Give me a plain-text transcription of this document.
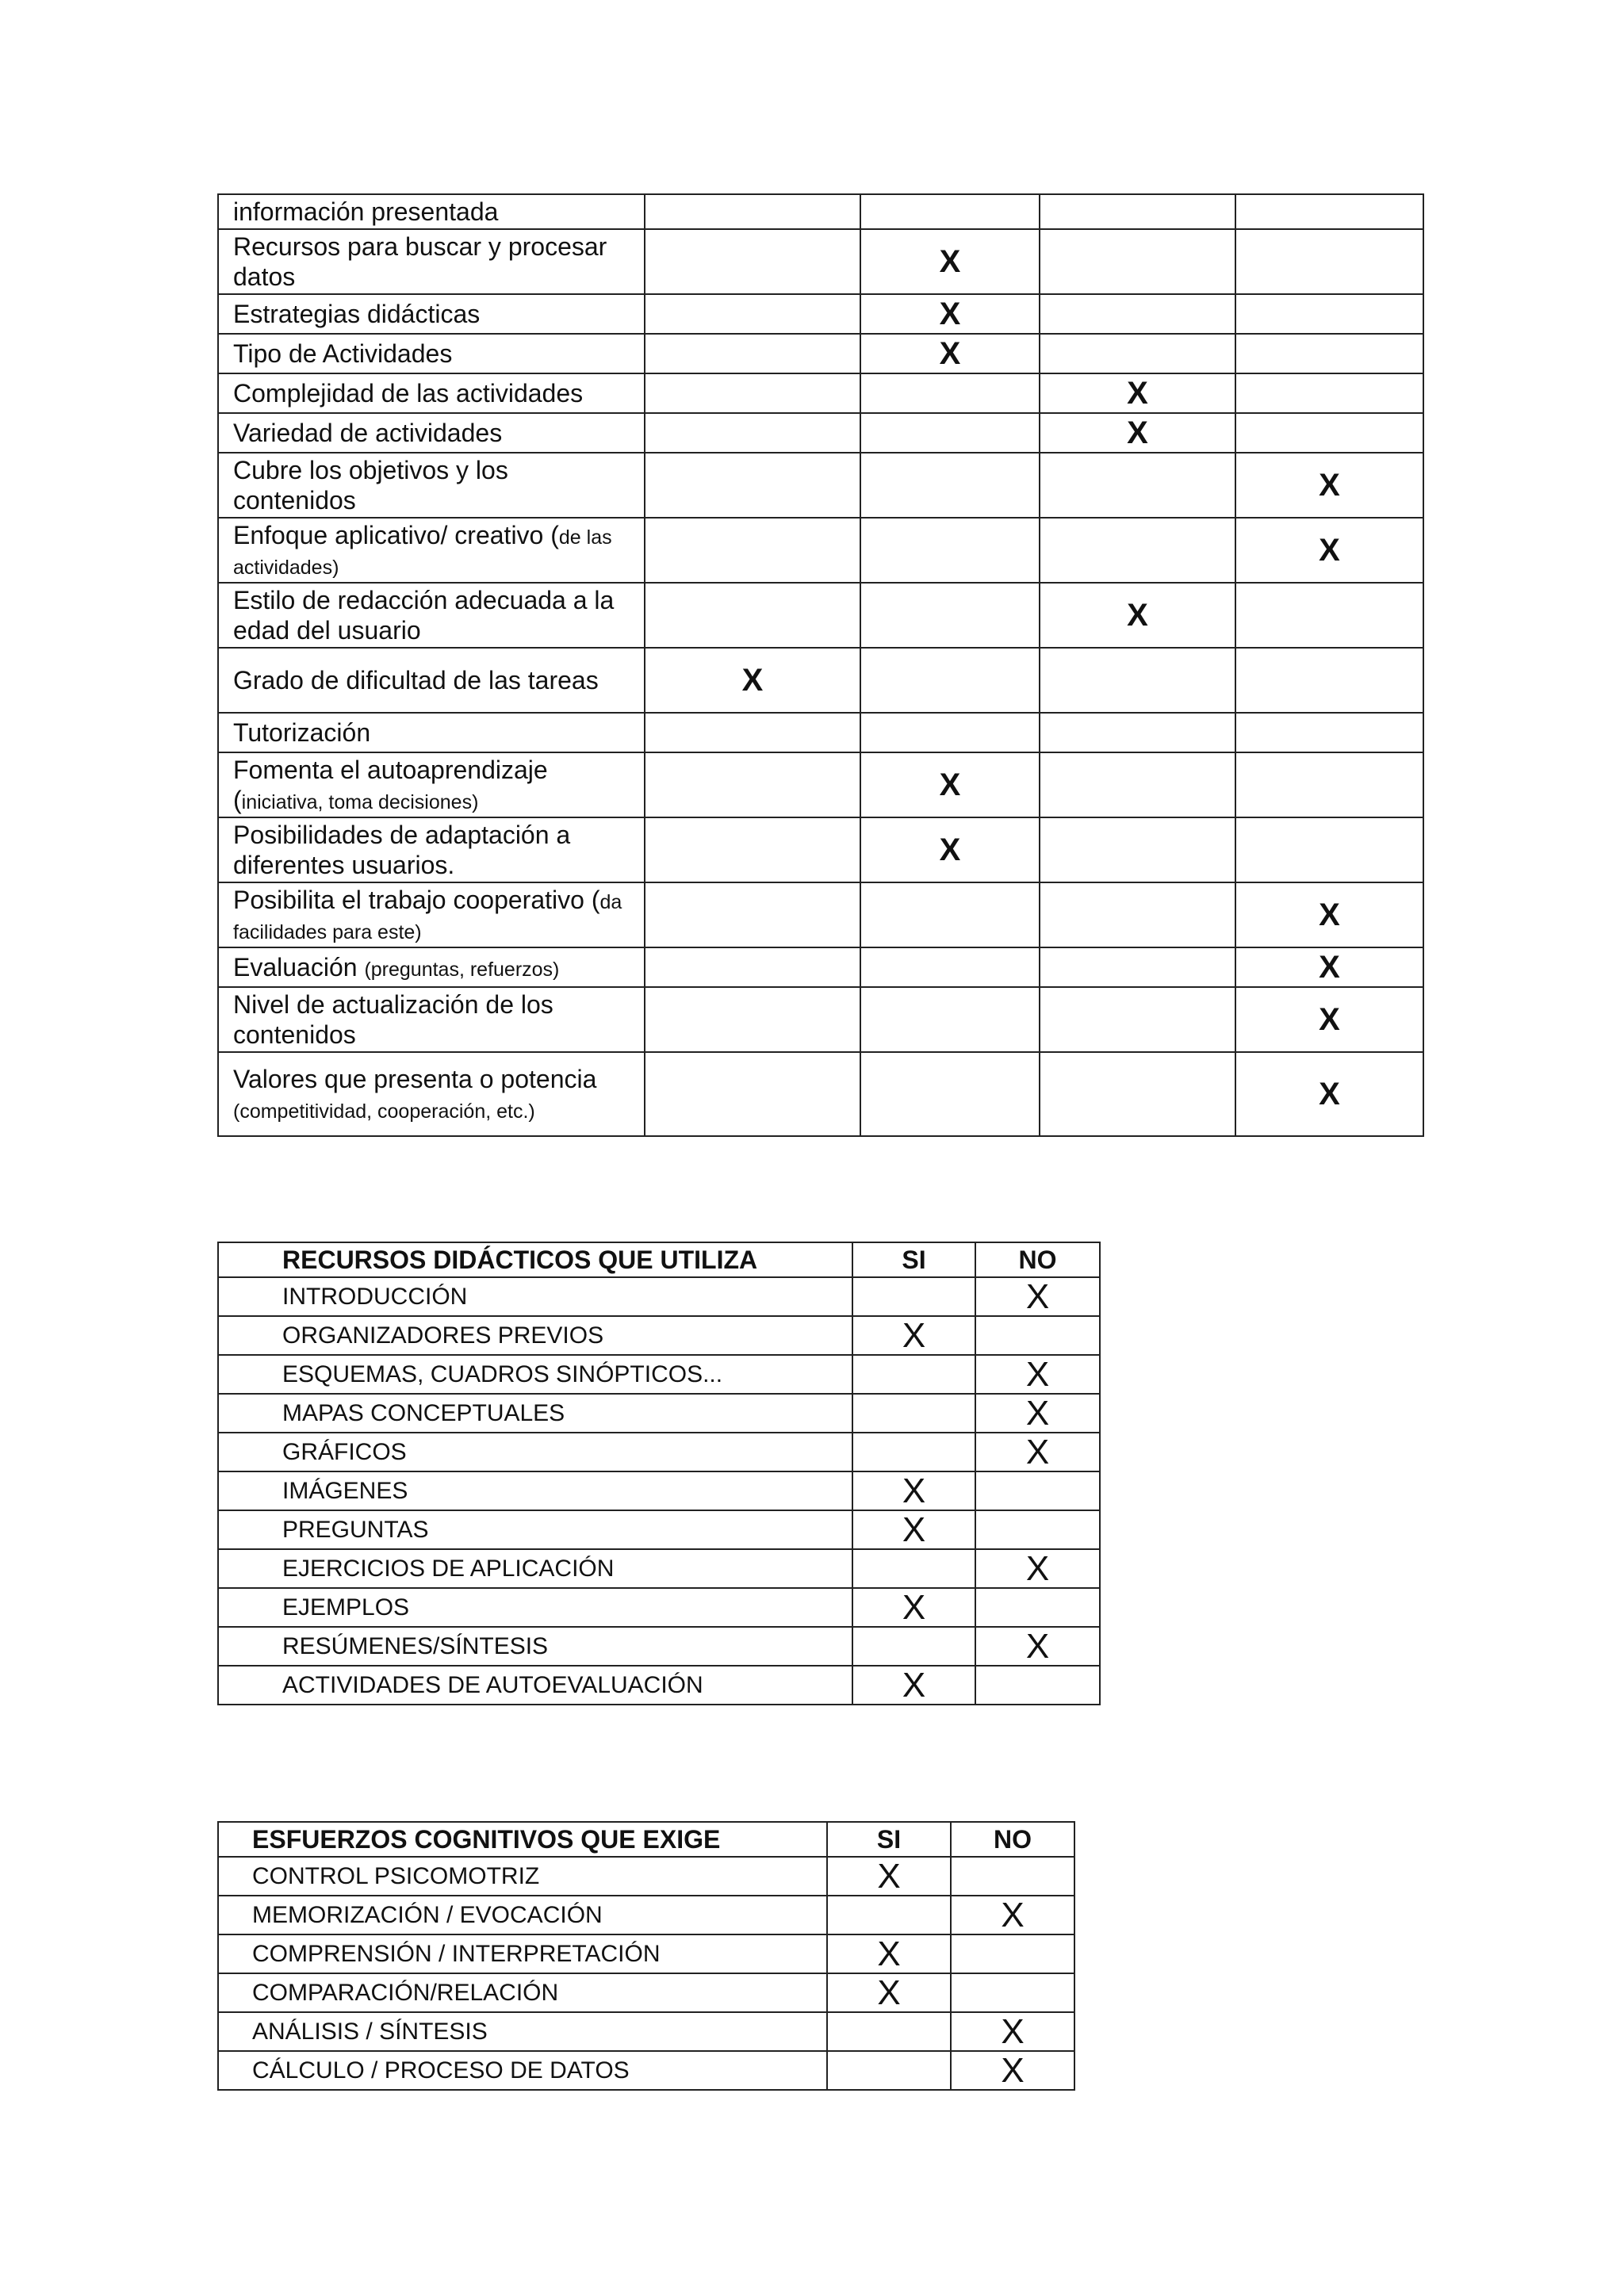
información presentada				
Recursos para buscar y procesar datos		X		
Estrategias didácticas		X		
Tipo de Actividades		X		
Complejidad de las actividades			X	
Variedad de actividades			X	
Cubre los objetivos y los contenidos				X
Enfoque aplicativo/ creativo (de las actividades)				X
Estilo de redacción adecuada a la edad del usuario			X	
Grado de dificultad de las tareas	X			
Tutorización				
Fomenta el autoaprendizaje (iniciativa, toma decisiones)		X		
Posibilidades de adaptación a diferentes usuarios.		X		
Posibilita el trabajo cooperativo (da facilidades para este)				X
Evaluación (preguntas, refuerzos)				X
Nivel de actualización de los contenidos				X
Valores que presenta o potencia (competitividad, cooperación, etc.)				X
RECURSOS DIDÁCTICOS QUE UTILIZA	SI	NO
INTRODUCCIÓN		X
ORGANIZADORES PREVIOS	X	
ESQUEMAS, CUADROS SINÓPTICOS...		X
MAPAS CONCEPTUALES		X
GRÁFICOS		X
IMÁGENES	X	
PREGUNTAS	X	
EJERCICIOS DE APLICACIÓN		X
EJEMPLOS	X	
RESÚMENES/SÍNTESIS		X
ACTIVIDADES DE AUTOEVALUACIÓN	X	
ESFUERZOS COGNITIVOS QUE EXIGE	SI	NO
CONTROL PSICOMOTRIZ	X	
MEMORIZACIÓN / EVOCACIÓN		X
COMPRENSIÓN / INTERPRETACIÓN	X	
COMPARACIÓN/RELACIÓN	X	
ANÁLISIS / SÍNTESIS		X
CÁLCULO / PROCESO DE DATOS		X
